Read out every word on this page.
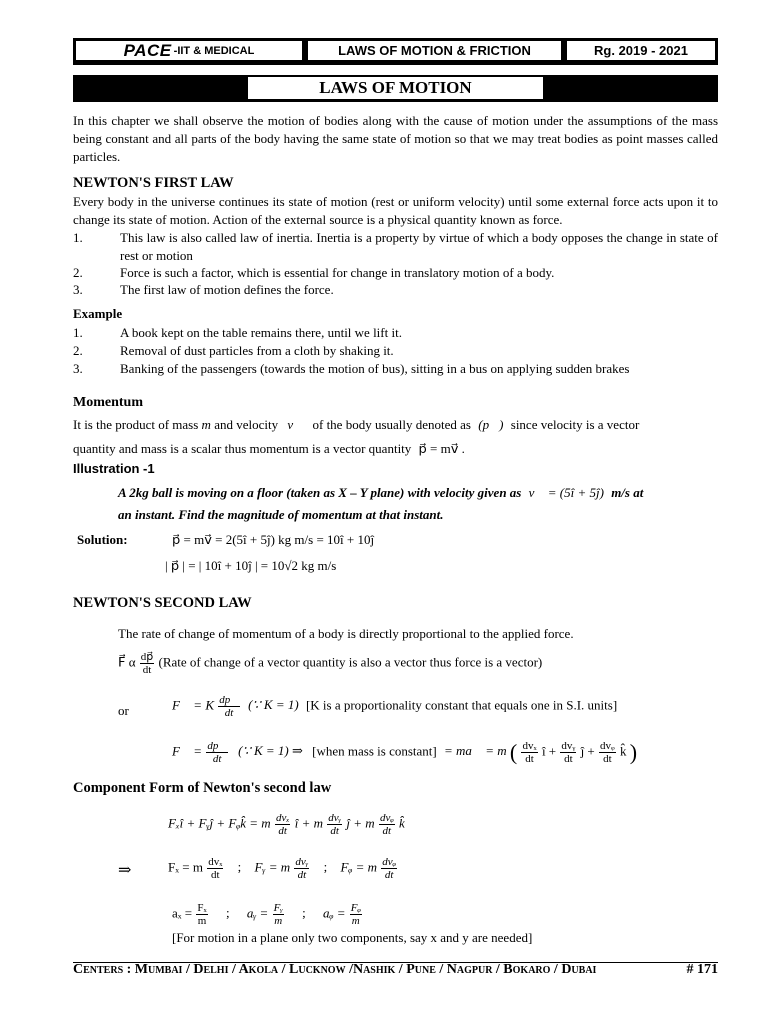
PACE -IIT & MEDICAL	LAWS OF MOTION & FRICTION	Rg. 2019 - 2021
LAWS OF MOTION
In this chapter we shall observe the motion of bodies along with the cause of motion under the assumptions of the mass being constant and all parts of the body having the same state of motion so that we may treat bodies as point masses called particles.
NEWTON'S FIRST LAW
Every body in the universe continues its state of motion (rest or uniform velocity) until some external force acts upon it to change its state of motion. Action of the external source is a physical quantity known as force.
1.	This law is also called law of inertia. Inertia is a property by virtue of which a body opposes the change in state of rest or motion
2.	Force is such a factor, which is essential for change in translatory motion of a body.
3.	The first law of motion defines the force.
Example
1.	A book kept on the table remains there, until we lift it.
2.	Removal of dust particles from a cloth by shaking it.
3.	Banking of the passengers (towards the motion of bus), sitting in a bus on applying sudden brakes
Momentum
It is the product of mass m and velocity v⃗ of the body usually denoted as (p⃗) since velocity is a vector
quantity and mass is a scalar thus momentum is a vector quantity p⃗ = mv⃗ .
Illustration -1
A 2kg ball is moving on a floor (taken as X – Y plane) with velocity given as v⃗ = (5î + 5ĵ) m/s at
an instant. Find the magnitude of momentum at that instant.
Solution:	p⃗ = mv⃗ = 2(5î + 5ĵ) kg m/s = 10î + 10ĵ
| p⃗ | = | 10î + 10ĵ | = 10√2 kg m/s
NEWTON'S SECOND LAW
The rate of change of momentum of a body is directly proportional to the applied force.
F⃗ α $\frac{dp⃗}{dt}$ (Rate of change of a vector quantity is also a vector thus force is a vector)
or	F⃗ = K $\frac{dp⃗}{dt}$ (∵ K = 1) [K is a proportionality constant that equals one in S.I. units]
F⃗ = $\frac{dp⃗}{dt}$ (∵ K = 1) ⇒ [when mass is constant] = ma⃗ = m ( $\frac{\text{dvₓ}}{dt}$ î + $\frac{\text{dvᵧ}}{dt}$ ĵ + $\frac{\text{dvᵩ}}{dt}$ k̂ )
Component Form of Newton's second law
Fₓî + Fᵧĵ + Fᵩk̂ = m $\frac{\text{dvₓ}}{dt}$ î + m $\frac{\text{dvᵧ}}{dt}$ ĵ + m $\frac{\text{dvᵩ}}{dt}$ k̂
⇒	Fₓ = m $\frac{\text{dvₓ}}{dt}$ ; Fᵧ = m $\frac{\text{dvᵧ}}{dt}$ ; Fᵩ = m $\frac{\text{dvᵩ}}{dt}$
$a_x = \frac{\text{Fₓ}}{m}$ ; aᵧ = $\frac{\text{Fᵧ}}{m}$ ; aᵩ = $\frac{\text{Fᵩ}}{m}$
[For motion in a plane only two components, say x and y are needed]
Centers : Mumbai / Delhi / Akola / Lucknow /Nashik / Pune / Nagpur / Bokaro / Dubai	# 171
